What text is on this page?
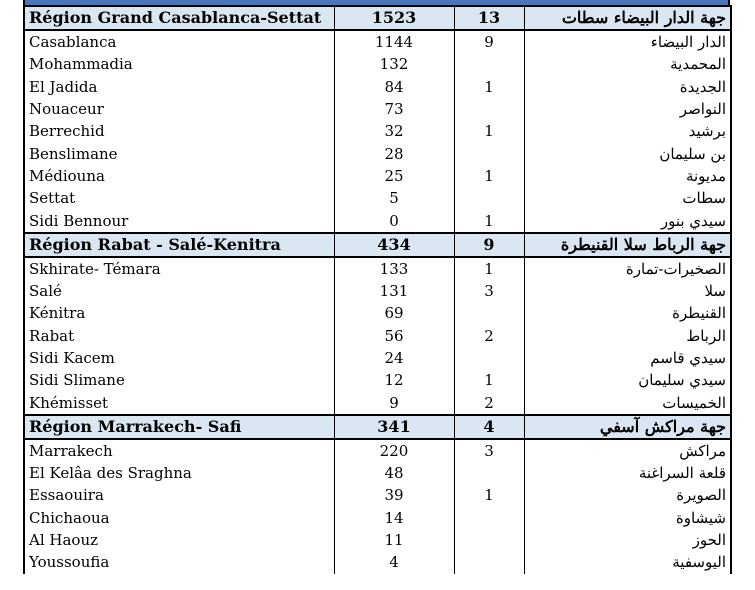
Région Grand Casablanca-Settat	1523	13	جهة الدار البيضاء سطات
Casablanca	1144	9	الدار البيضاء
Mohammadia	132		المحمدية
El Jadida	84	1	الجديدة
Nouaceur	73		النواصر
Berrechid	32	1	برشيد
Benslimane	28		بن سليمان
Médiouna	25	1	مديونة
Settat	5		سطات
Sidi Bennour	0	1	سيدي بنور
Région Rabat - Salé-Kenitra	434	9	جهة الرباط سلا القنيطرة
Skhirate- Témara	133	1	الصخيرات-تمارة
Salé	131	3	سلا
Kénitra	69		القنيطرة
Rabat	56	2	الرباط
Sidi Kacem	24		سيدي قاسم
Sidi Slimane	12	1	سيدي سليمان
Khémisset	9	2	الخميسات
Région Marrakech- Safi	341	4	جهة مراكش آسفي
Marrakech	220	3	مراكش
El Kelâa des Sraghna	48		قلعة السراغنة
Essaouira	39	1	الصويرة
Chichaoua	14		شيشاوة
Al Haouz	11		الحوز
Youssoufia	4		اليوسفية
